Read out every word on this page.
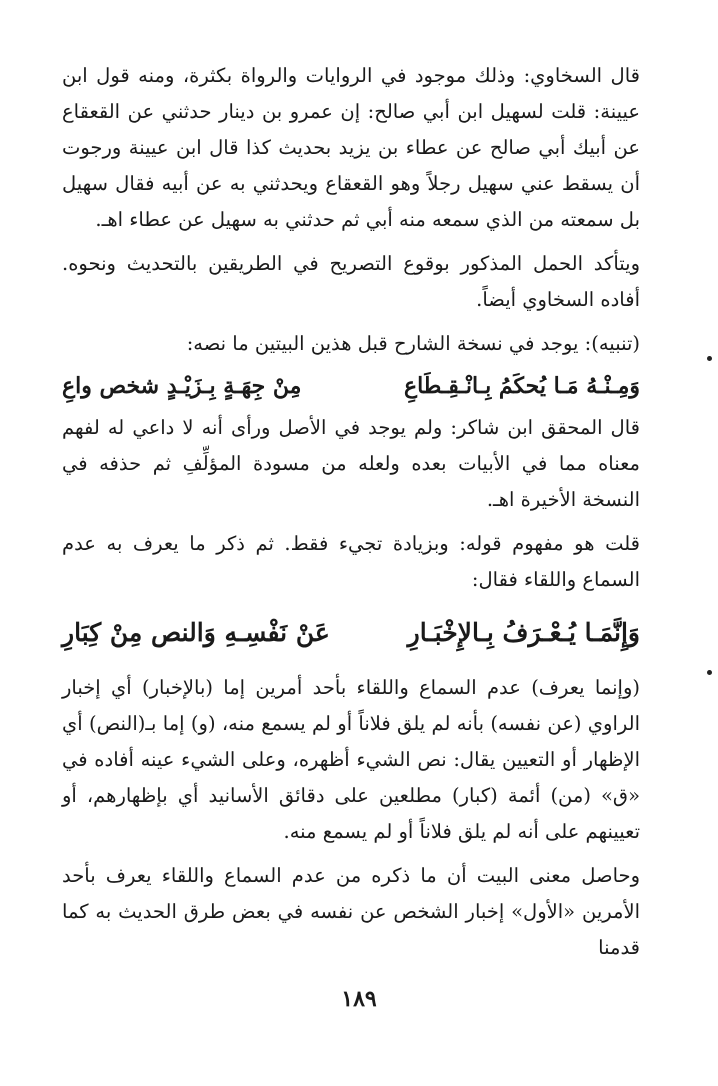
قال السخاوي: وذلك موجود في الروايات والرواة بكثرة، ومنه قول ابن عيينة: قلت لسهيل ابن أبي صالح: إن عمرو بن دينار حدثني عن القعقاع عن أبيك أبي صالح عن عطاء بن يزيد بحديث كذا قال ابن عيينة ورجوت أن يسقط عني سهيل رجلاً وهو القعقاع ويحدثني به عن أبيه فقال سهيل بل سمعته من الذي سمعه منه أبي ثم حدثني به سهيل عن عطاء اهـ.

ويتأكد الحمل المذكور بوقوع التصريح في الطريقين بالتحديث ونحوه. أفاده السخاوي أيضاً.

(تنبيه): يوجد في نسخة الشارح قبل هذين البيتين ما نصه:

وَمِـنْـهُ مَـا يُحكَمُ بِـانْـقِـطَاعِ
مِنْ جِهَـةٍ بِـزَيْـدٍ شخص واعِ

قال المحقق ابن شاكر: ولم يوجد في الأصل ورأى أنه لا داعي له لفهم معناه مما في الأبيات بعده ولعله من مسودة المؤلِّفِ ثم حذفه في النسخة الأخيرة اهـ.

قلت هو مفهوم قوله: وبزيادة تجيء فقط. ثم ذكر ما يعرف به عدم السماع واللقاء فقال:

وَإِنَّمَـا يُـعْـرَفُ بِـالإِخْبَـارِ
عَنْ نَفْسِـهِ وَالنص مِنْ كِبَارِ

(وإنما يعرف) عدم السماع واللقاء بأحد أمرين إما (بالإخبار) أي إخبار الراوي (عن نفسه) بأنه لم يلق فلاناً أو لم يسمع منه، (و) إما بـ(النص) أي الإظهار أو التعيين يقال: نص الشيء أظهره، وعلى الشيء عينه أفاده في «ق» (من) أئمة (كبار) مطلعين على دقائق الأسانيد أي بإظهارهم، أو تعيينهم على أنه لم يلق فلاناً أو لم يسمع منه.

وحاصل معنى البيت أن ما ذكره من عدم السماع واللقاء يعرف بأحد الأمرين «الأول» إخبار الشخص عن نفسه في بعض طرق الحديث به كما قدمنا

١٨٩
